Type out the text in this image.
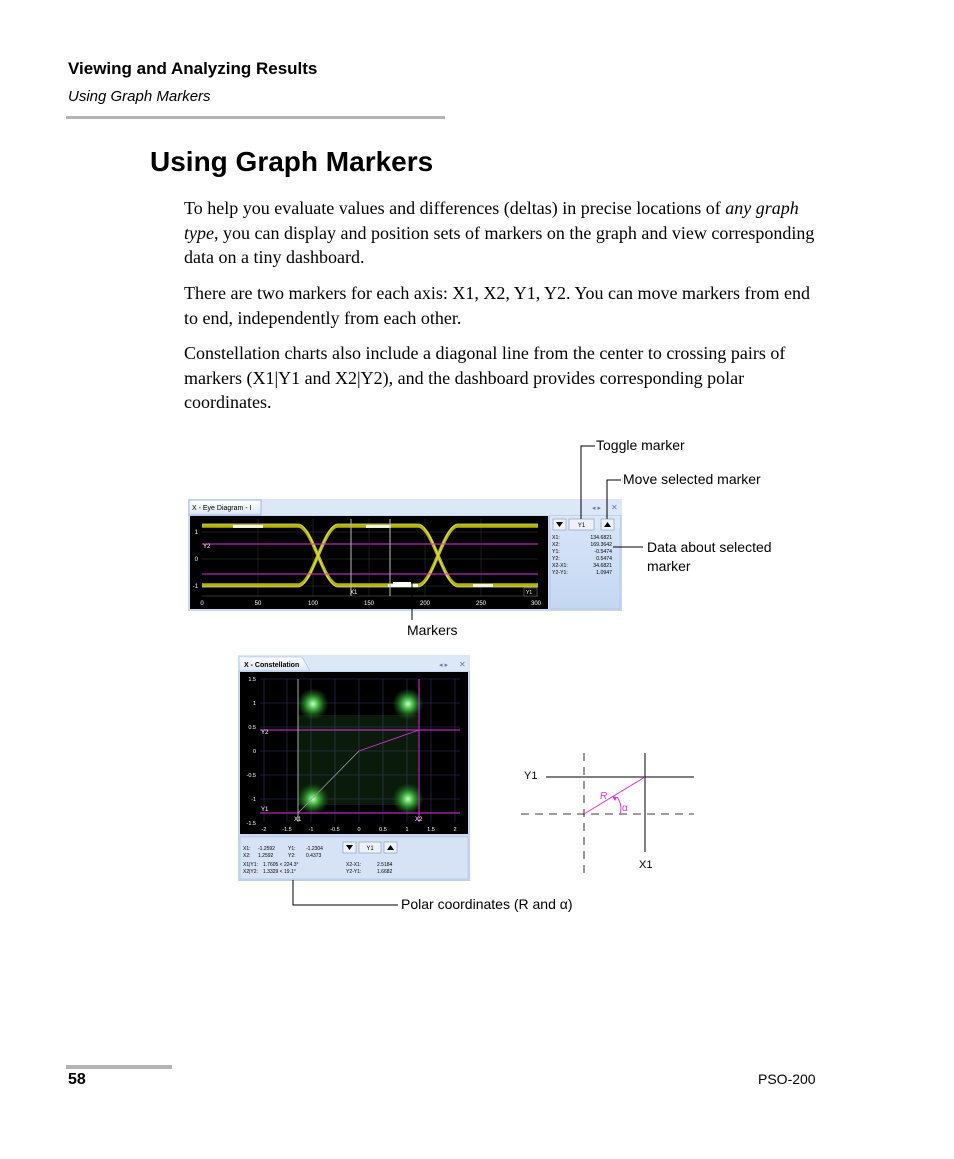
Viewing and Analyzing Results
Using Graph Markers
Using Graph Markers
To help you evaluate values and differences (deltas) in precise locations of any graph type, you can display and position sets of markers on the graph and view corresponding data on a tiny dashboard.
There are two markers for each axis: X1, X2, Y1, Y2. You can move markers from end to end, independently from each other.
Constellation charts also include a diagonal line from the center to crossing pairs of markers (X1|Y1 and X2|Y2), and the dashboard provides corresponding polar coordinates.
X - Eye Diagram - I	◂ ▸ ✕
Y2
X1	Y1
1
0
-1
0	50	100	150	200	250	300
Y1
X1:	134.6821
X2:	169.3642
Y1:	-0.5474
Y2:	0.5474
X2-X1:	34.6821
Y2-Y1:	1.0947
X - Constellation	◂ ▸ ✕
Y2
Y1
X1	X2
1.5
1
0.5
0
-0.5
-1
-1.5
-2	-1.5	-1	-0.5	0	0.5	1	1.5	2
Y1
X1: -1.2592	Y1: -1.2304
X2: 1.2592	Y2: 0.4373
X1|Y1: 1.7605 < 224.3°	X2-X1:	2.5184
X2|Y2: 1.3329 < 19.1°	Y2-Y1:	1.6682
Y1
X1
R
α
Toggle marker
Move selected marker
Data about selected marker
Markers
Polar coordinates (R and α)
58	PSO-200
